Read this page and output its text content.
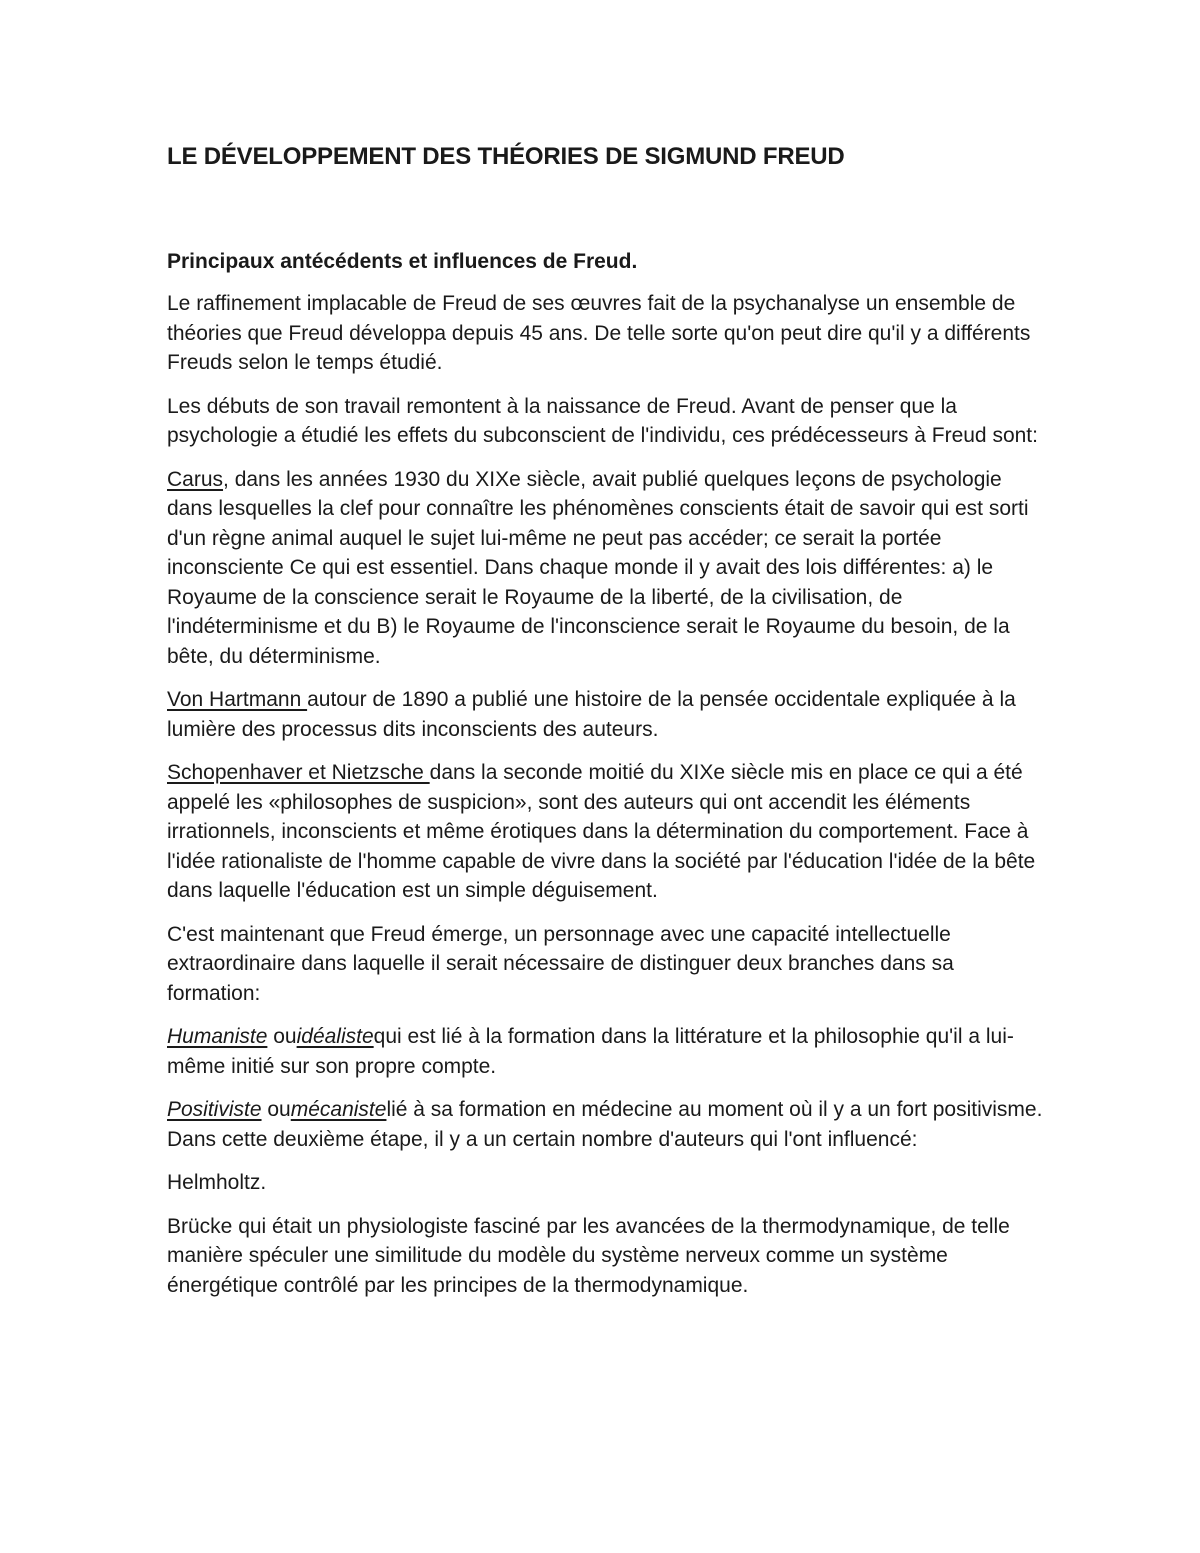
LE DÉVELOPPEMENT DES THÉORIES DE SIGMUND FREUD
Principaux antécédents et influences de Freud.

Le raffinement implacable de Freud de ses œuvres fait de la psychanalyse un ensemble de théories que Freud développa depuis 45 ans. De telle sorte qu'on peut dire qu'il y a différents Freuds selon le temps étudié.

Les débuts de son travail remontent à la naissance de Freud. Avant de penser que la psychologie a étudié les effets du subconscient de l'individu, ces prédécesseurs à Freud sont:

Carus, dans les années 1930 du XIXe siècle, avait publié quelques leçons de psychologie dans lesquelles la clef pour connaître les phénomènes conscients était de savoir qui est sorti d'un règne animal auquel le sujet lui-même ne peut pas accéder; ce serait la portée inconsciente Ce qui est essentiel. Dans chaque monde il y avait des lois différentes: a) le Royaume de la conscience serait le Royaume de la liberté, de la civilisation, de l'indéterminisme et du B) le Royaume de l'inconscience serait le Royaume du besoin, de la bête, du déterminisme.

Von Hartmann autour de 1890 a publié une histoire de la pensée occidentale expliquée à la lumière des processus dits inconscients des auteurs.

Schopenhaver et Nietzsche dans la seconde moitié du XIXe siècle mis en place ce qui a été appelé les «philosophes de suspicion», sont des auteurs qui ont accendit les éléments irrationnels, inconscients et même érotiques dans la détermination du comportement. Face à l'idée rationaliste de l'homme capable de vivre dans la société par l'éducation l'idée de la bête dans laquelle l'éducation est un simple déguisement.

C'est maintenant que Freud émerge, un personnage avec une capacité intellectuelle extraordinaire dans laquelle il serait nécessaire de distinguer deux branches dans sa formation:

Humaniste ouidéalistequi est lié à la formation dans la littérature et la philosophie qu'il a lui-même initié sur son propre compte.

Positiviste oumécanistelié à sa formation en médecine au moment où il y a un fort positivisme. Dans cette deuxième étape, il y a un certain nombre d'auteurs qui l'ont influencé:

Helmholtz.

Brücke qui était un physiologiste fasciné par les avancées de la thermodynamique, de telle manière spéculer une similitude du modèle du système nerveux comme un système énergétique contrôlé par les principes de la thermodynamique.
